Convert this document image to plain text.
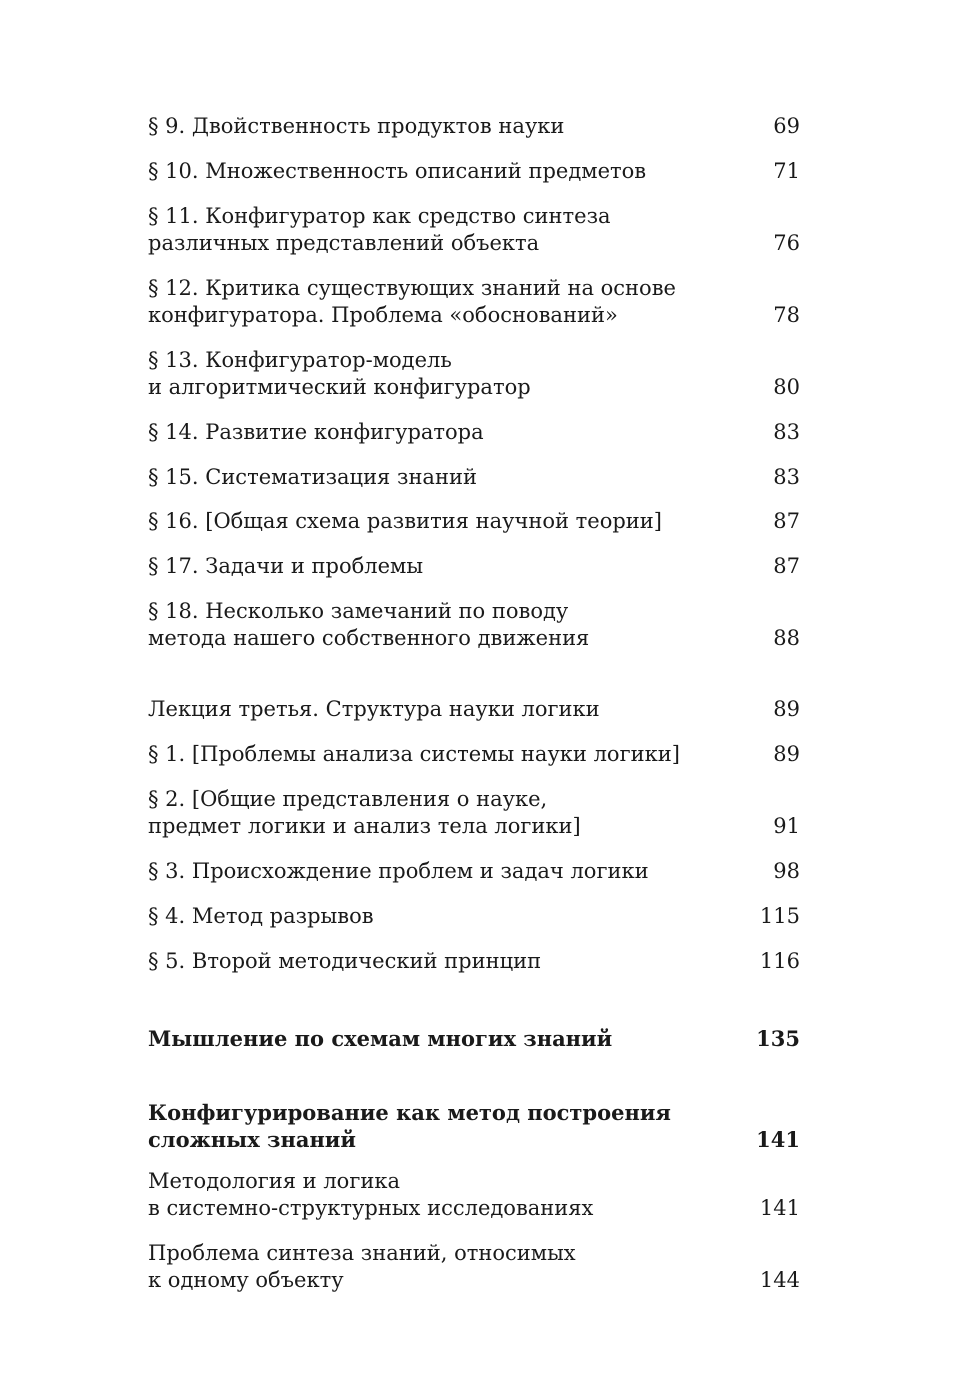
§ 9. Двойственность продуктов науки	69
§ 10. Множественность описаний предметов	71
§ 11. Конфигуратор как средство синтеза
различных представлений объекта	76
§ 12. Критика существующих знаний на основе
конфигуратора. Проблема «обоснований»	78
§ 13. Конфигуратор-модель
и алгоритмический конфигуратор	80
§ 14. Развитие конфигуратора	83
§ 15. Систематизация знаний	83
§ 16. [Общая схема развития научной теории]	87
§ 17. Задачи и проблемы	87
§ 18. Несколько замечаний по поводу
метода нашего собственного движения	88
Лекция третья. Структура науки логики	89
§ 1. [Проблемы анализа системы науки логики]	89
§ 2. [Общие представления о науке,
предмет логики и анализ тела логики]	91
§ 3. Происхождение проблем и задач логики	98
§ 4. Метод разрывов	115
§ 5. Второй методический принцип	116
Мышление по схемам многих знаний	135
Конфигурирование как метод построения
сложных знаний	141
Методология и логика
в системно-структурных исследованиях	141
Проблема синтеза знаний, относимых
к одному объекту	144
